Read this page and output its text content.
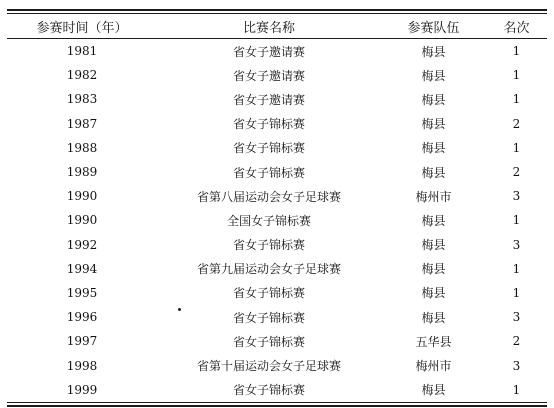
参赛时间（年）	比赛名称	参赛队伍	名次
1981	省女子邀请赛	梅县	1
1982	省女子邀请赛	梅县	1
1983	省女子邀请赛	梅县	1
1987	省女子锦标赛	梅县	2
1988	省女子锦标赛	梅县	1
1989	省女子锦标赛	梅县	2
1990	省第八届运动会女子足球赛	梅州市	3
1990	全国女子锦标赛	梅县	1
1992	省女子锦标赛	梅县	3
1994	省第九届运动会女子足球赛	梅县	1
1995	省女子锦标赛	梅县	1
1996	省女子锦标赛	梅县	3
1997	省女子锦标赛	五华县	2
1998	省第十届运动会女子足球赛	梅州市	3
1999	省女子锦标赛	梅县	1
